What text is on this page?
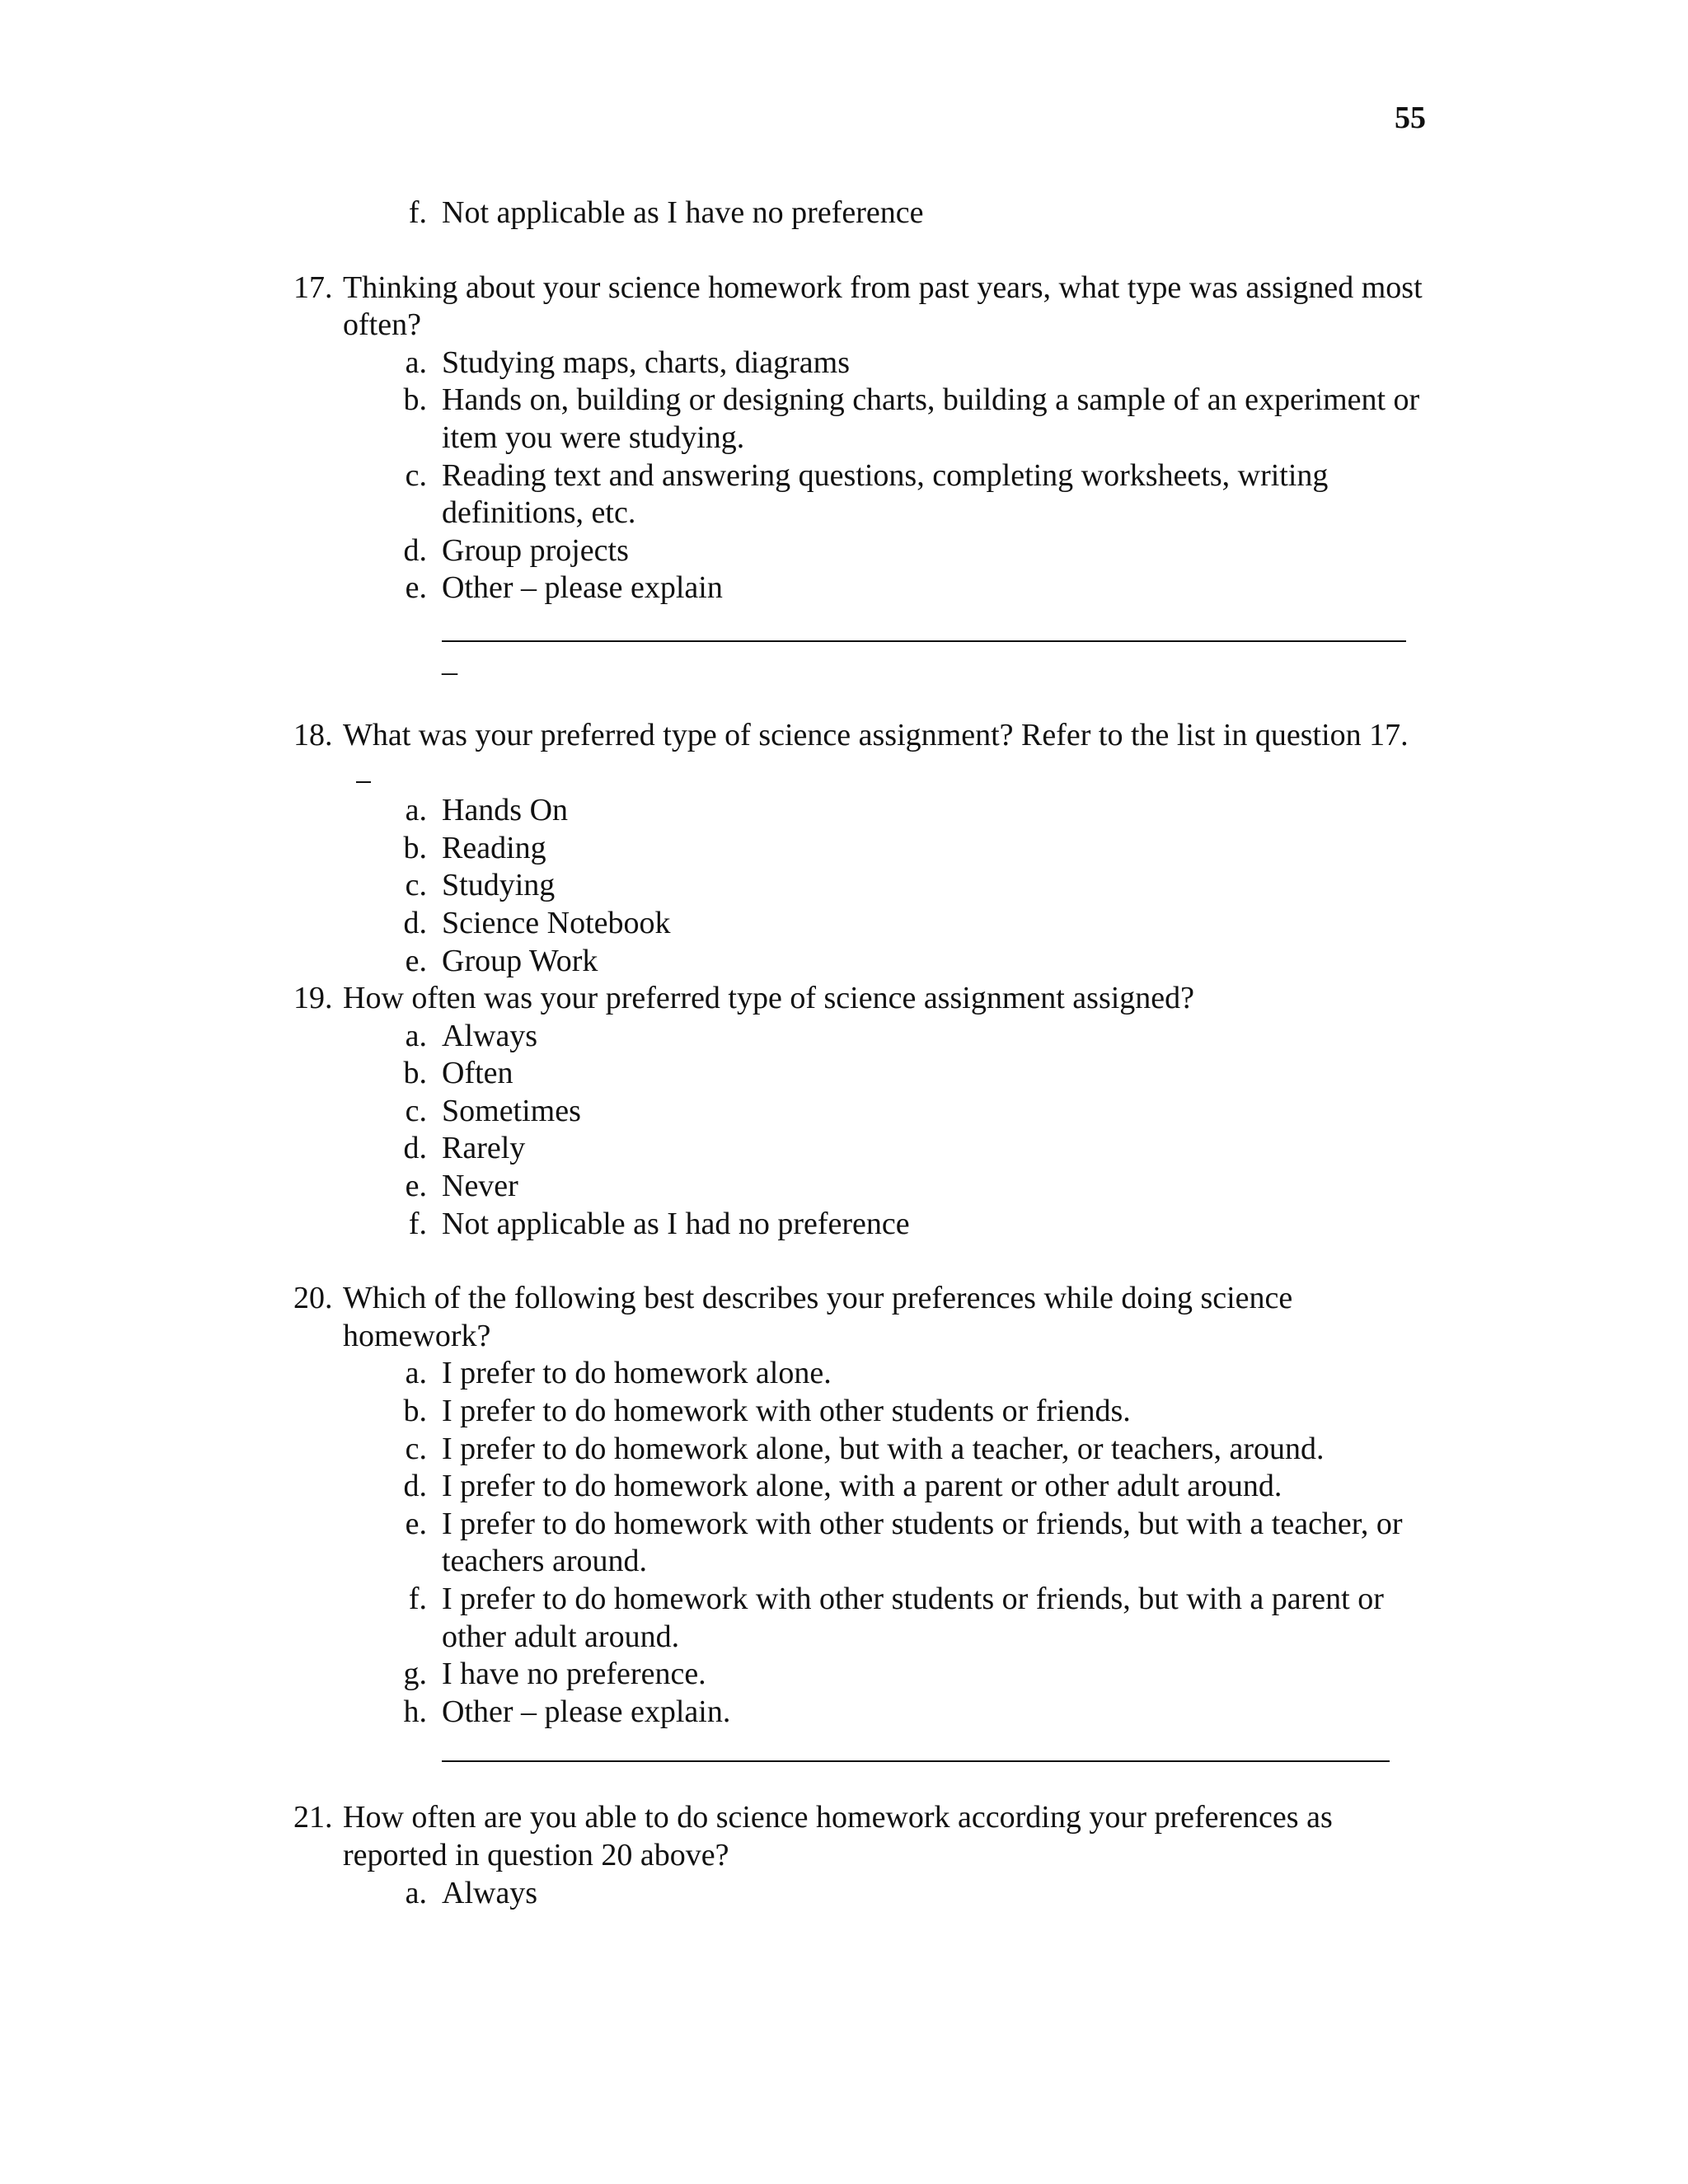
55
f. Not applicable as I have no preference
17. Thinking about your science homework from past years, what type was assigned most often?
a. Studying maps, charts, diagrams
b. Hands on, building or designing charts, building a sample of an experiment or item you were studying.
c. Reading text and answering questions, completing worksheets, writing definitions, etc.
d. Group projects
e. Other – please explain
_
18. What was your preferred type of science assignment? Refer to the list in question 17.
a. Hands On
b. Reading
c. Studying
d. Science Notebook
e. Group Work
19. How often was your preferred type of science assignment assigned?
a. Always
b. Often
c. Sometimes
d. Rarely
e. Never
f. Not applicable as I had no preference
20. Which of the following best describes your preferences while doing science homework?
a. I prefer to do homework alone.
b. I prefer to do homework with other students or friends.
c. I prefer to do homework alone, but with a teacher, or teachers, around.
d. I prefer to do homework alone, with a parent or other adult around.
e. I prefer to do homework with other students or friends, but with a teacher, or teachers around.
f. I prefer to do homework with other students or friends, but with a parent or other adult around.
g. I have no preference.
h. Other – please explain.
21. How often are you able to do science homework according your preferences as reported in question 20 above?
a. Always
